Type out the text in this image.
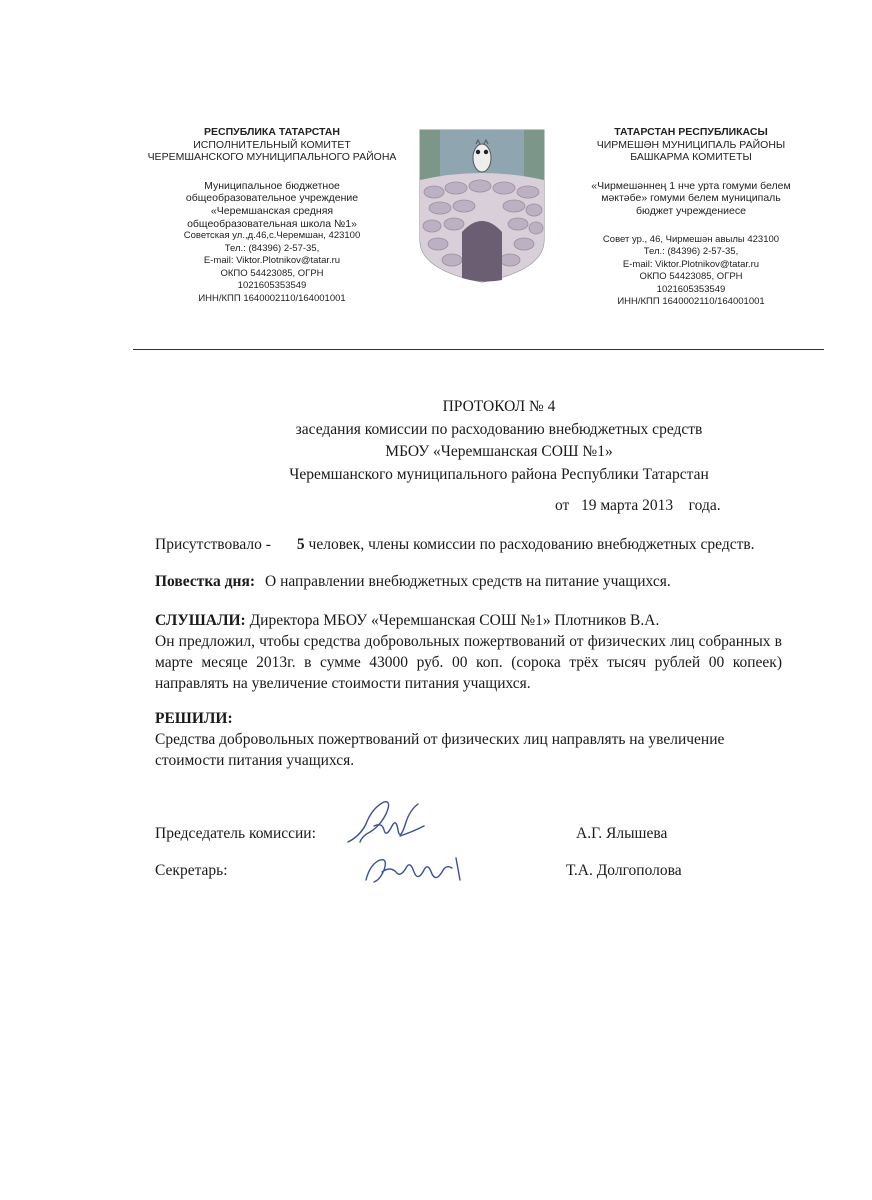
РЕСПУБЛИКА ТАТАРСТАН
ИСПОЛНИТЕЛЬНЫЙ КОМИТЕТ
ЧЕРЕМШАНСКОГО МУНИЦИПАЛЬНОГО РАЙОНА
Муниципальное бюджетное
общеобразовательное учреждение
«Черемшанская средняя
общеобразовательная школа №1»
Советская ул.,д.46,с.Черемшан, 423100
Тел.: (84396) 2-57-35,
E-mail: Viktor.Plotnikov@tatar.ru
ОКПО 54423085, ОГРН
1021605353549
ИНН/КПП 1640002110/164001001
ТАТАРСТАН РЕСПУБЛИКАСЫ
ЧИРМЕШӘН МУНИЦИПАЛЬ РАЙОНЫ
БАШКАРМА КОМИТЕТЫ
«Чирмешәннең 1 нче урта гомуми белем
мәктәбе» гомуми белем муниципаль
бюджет учреждениесе
Совет ур., 46, Чирмешән авылы 423100
Тел.: (84396) 2-57-35,
E-mail: Viktor.Plotnikov@tatar.ru
ОКПО 54423085, ОГРН
1021605353549
ИНН/КПП 1640002110/164001001
ПРОТОКОЛ № 4
заседания комиссии по расходованию внебюджетных средств
МБОУ «Черемшанская СОШ №1»
Черемшанского муниципального района Республики Татарстан
от   19 марта 2013    года.
Присутствовало - 5 человек, члены комиссии по расходованию внебюджетных средств.
Повестка дня: О направлении внебюджетных средств на питание учащихся.
СЛУШАЛИ: Директора МБОУ «Черемшанская СОШ №1» Плотников В.А.
Он предложил, чтобы средства добровольных пожертвований от физических лиц собранных в марте месяце 2013г. в сумме 43000 руб. 00 коп. (сорока трёх тысяч рублей 00 копеек) направлять на увеличение стоимости питания учащихся.
РЕШИЛИ:
Средства добровольных пожертвований от физических лиц направлять на увеличение стоимости питания учащихся.
Председатель комиссии:	А.Г. Ялышева
Секретарь:	Т.А. Долгополова
